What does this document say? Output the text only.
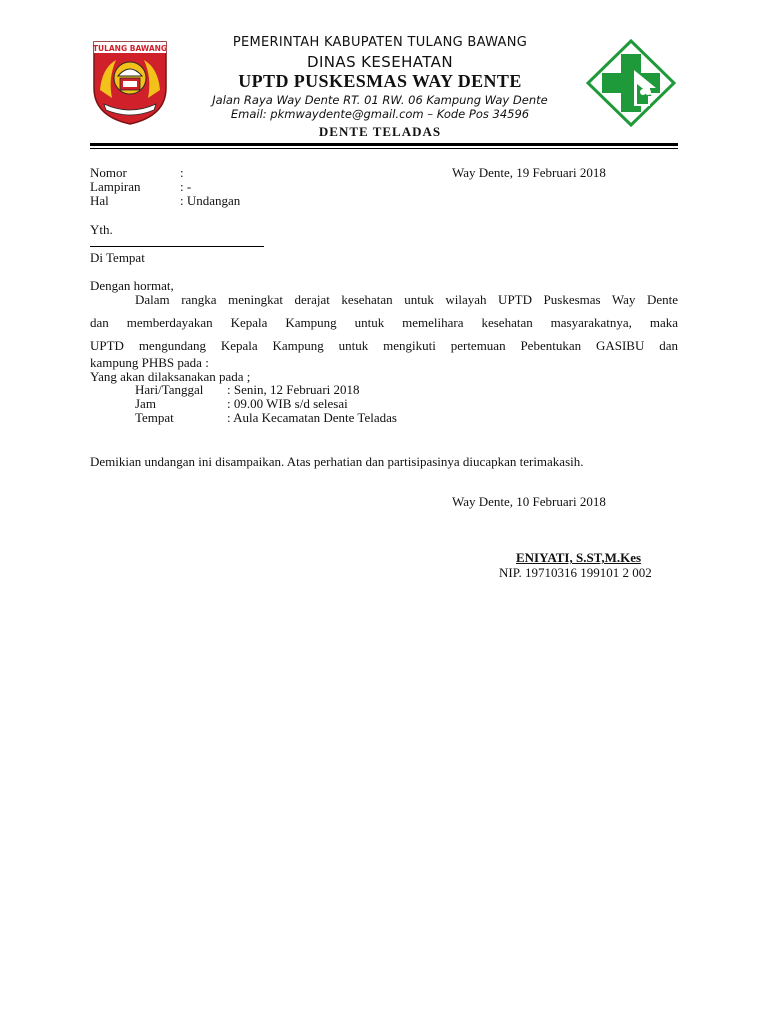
TULANG BAWANG	PEMERINTAH KABUPATEN TULANG BAWANG
DINAS KESEHATAN
UPTD PUSKESMAS WAY DENTE
Jalan Raya Way Dente RT. 01 RW. 06 Kampung Way Dente
Email: pkmwaydente@gmail.com – Kode Pos 34596
DENTE TELADAS
Nomor	:	Way Dente, 19 Februari 2018
Lampiran	: -
Hal	: Undangan
Yth.
Di Tempat
Dengan hormat,
Dalam rangka meningkat derajat kesehatan untuk wilayah UPTD Puskesmas Way Dente
dan memberdayakan Kepala Kampung untuk memelihara kesehatan masyarakatnya, maka
UPTD mengundang Kepala Kampung untuk mengikuti pertemuan Pebentukan GASIBU dan
kampung PHBS pada :
Yang akan dilaksanakan pada ;
Hari/Tanggal : Senin, 12 Februari 2018
Jam	: 09.00 WIB s/d selesai
Tempat	: Aula Kecamatan Dente Teladas
Demikian undangan ini disampaikan. Atas perhatian dan partisipasinya diucapkan terimakasih.
Way Dente, 10 Februari 2018
ENIYATI, S.ST,M.Kes
NIP. 19710316 199101 2 002
